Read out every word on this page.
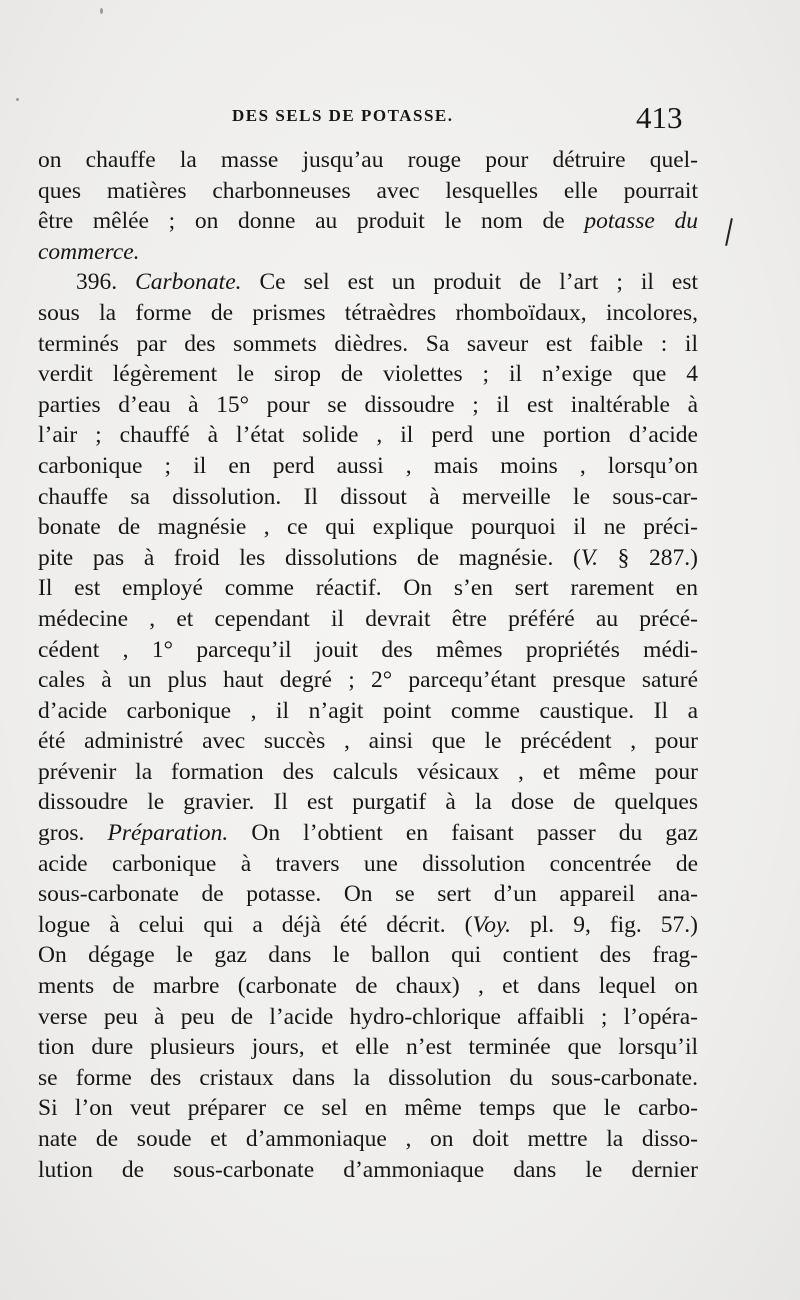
DES SELS DE POTASSE.	413
on chauffe la masse jusqu’au rouge pour détruire quel-
ques matières charbonneuses avec lesquelles elle pourrait
être mêlée ; on donne au produit le nom de potasse du
commerce.
396. Carbonate. Ce sel est un produit de l’art ; il est
sous la forme de prismes tétraèdres rhomboïdaux, incolores,
terminés par des sommets dièdres. Sa saveur est faible : il
verdit légèrement le sirop de violettes ; il n’exige que 4
parties d’eau à 15° pour se dissoudre ; il est inaltérable à
l’air ; chauffé à l’état solide , il perd une portion d’acide
carbonique ; il en perd aussi , mais moins , lorsqu’on
chauffe sa dissolution. Il dissout à merveille le sous-car-
bonate de magnésie , ce qui explique pourquoi il ne préci-
pite pas à froid les dissolutions de magnésie. (V. § 287.)
Il est employé comme réactif. On s’en sert rarement en
médecine , et cependant il devrait être préféré au précé-
cédent , 1° parcequ’il jouit des mêmes propriétés médi-
cales à un plus haut degré ; 2° parcequ’étant presque saturé
d’acide carbonique , il n’agit point comme caustique. Il a
été administré avec succès , ainsi que le précédent , pour
prévenir la formation des calculs vésicaux , et même pour
dissoudre le gravier. Il est purgatif à la dose de quelques
gros. Préparation. On l’obtient en faisant passer du gaz
acide carbonique à travers une dissolution concentrée de
sous-carbonate de potasse. On se sert d’un appareil ana-
logue à celui qui a déjà été décrit. (Voy. pl. 9, fig. 57.)
On dégage le gaz dans le ballon qui contient des frag-
ments de marbre (carbonate de chaux) , et dans lequel on
verse peu à peu de l’acide hydro-chlorique affaibli ; l’opéra-
tion dure plusieurs jours, et elle n’est terminée que lorsqu’il
se forme des cristaux dans la dissolution du sous-carbonate.
Si l’on veut préparer ce sel en même temps que le carbo-
nate de soude et d’ammoniaque , on doit mettre la disso-
lution de sous-carbonate d’ammoniaque dans le dernier
